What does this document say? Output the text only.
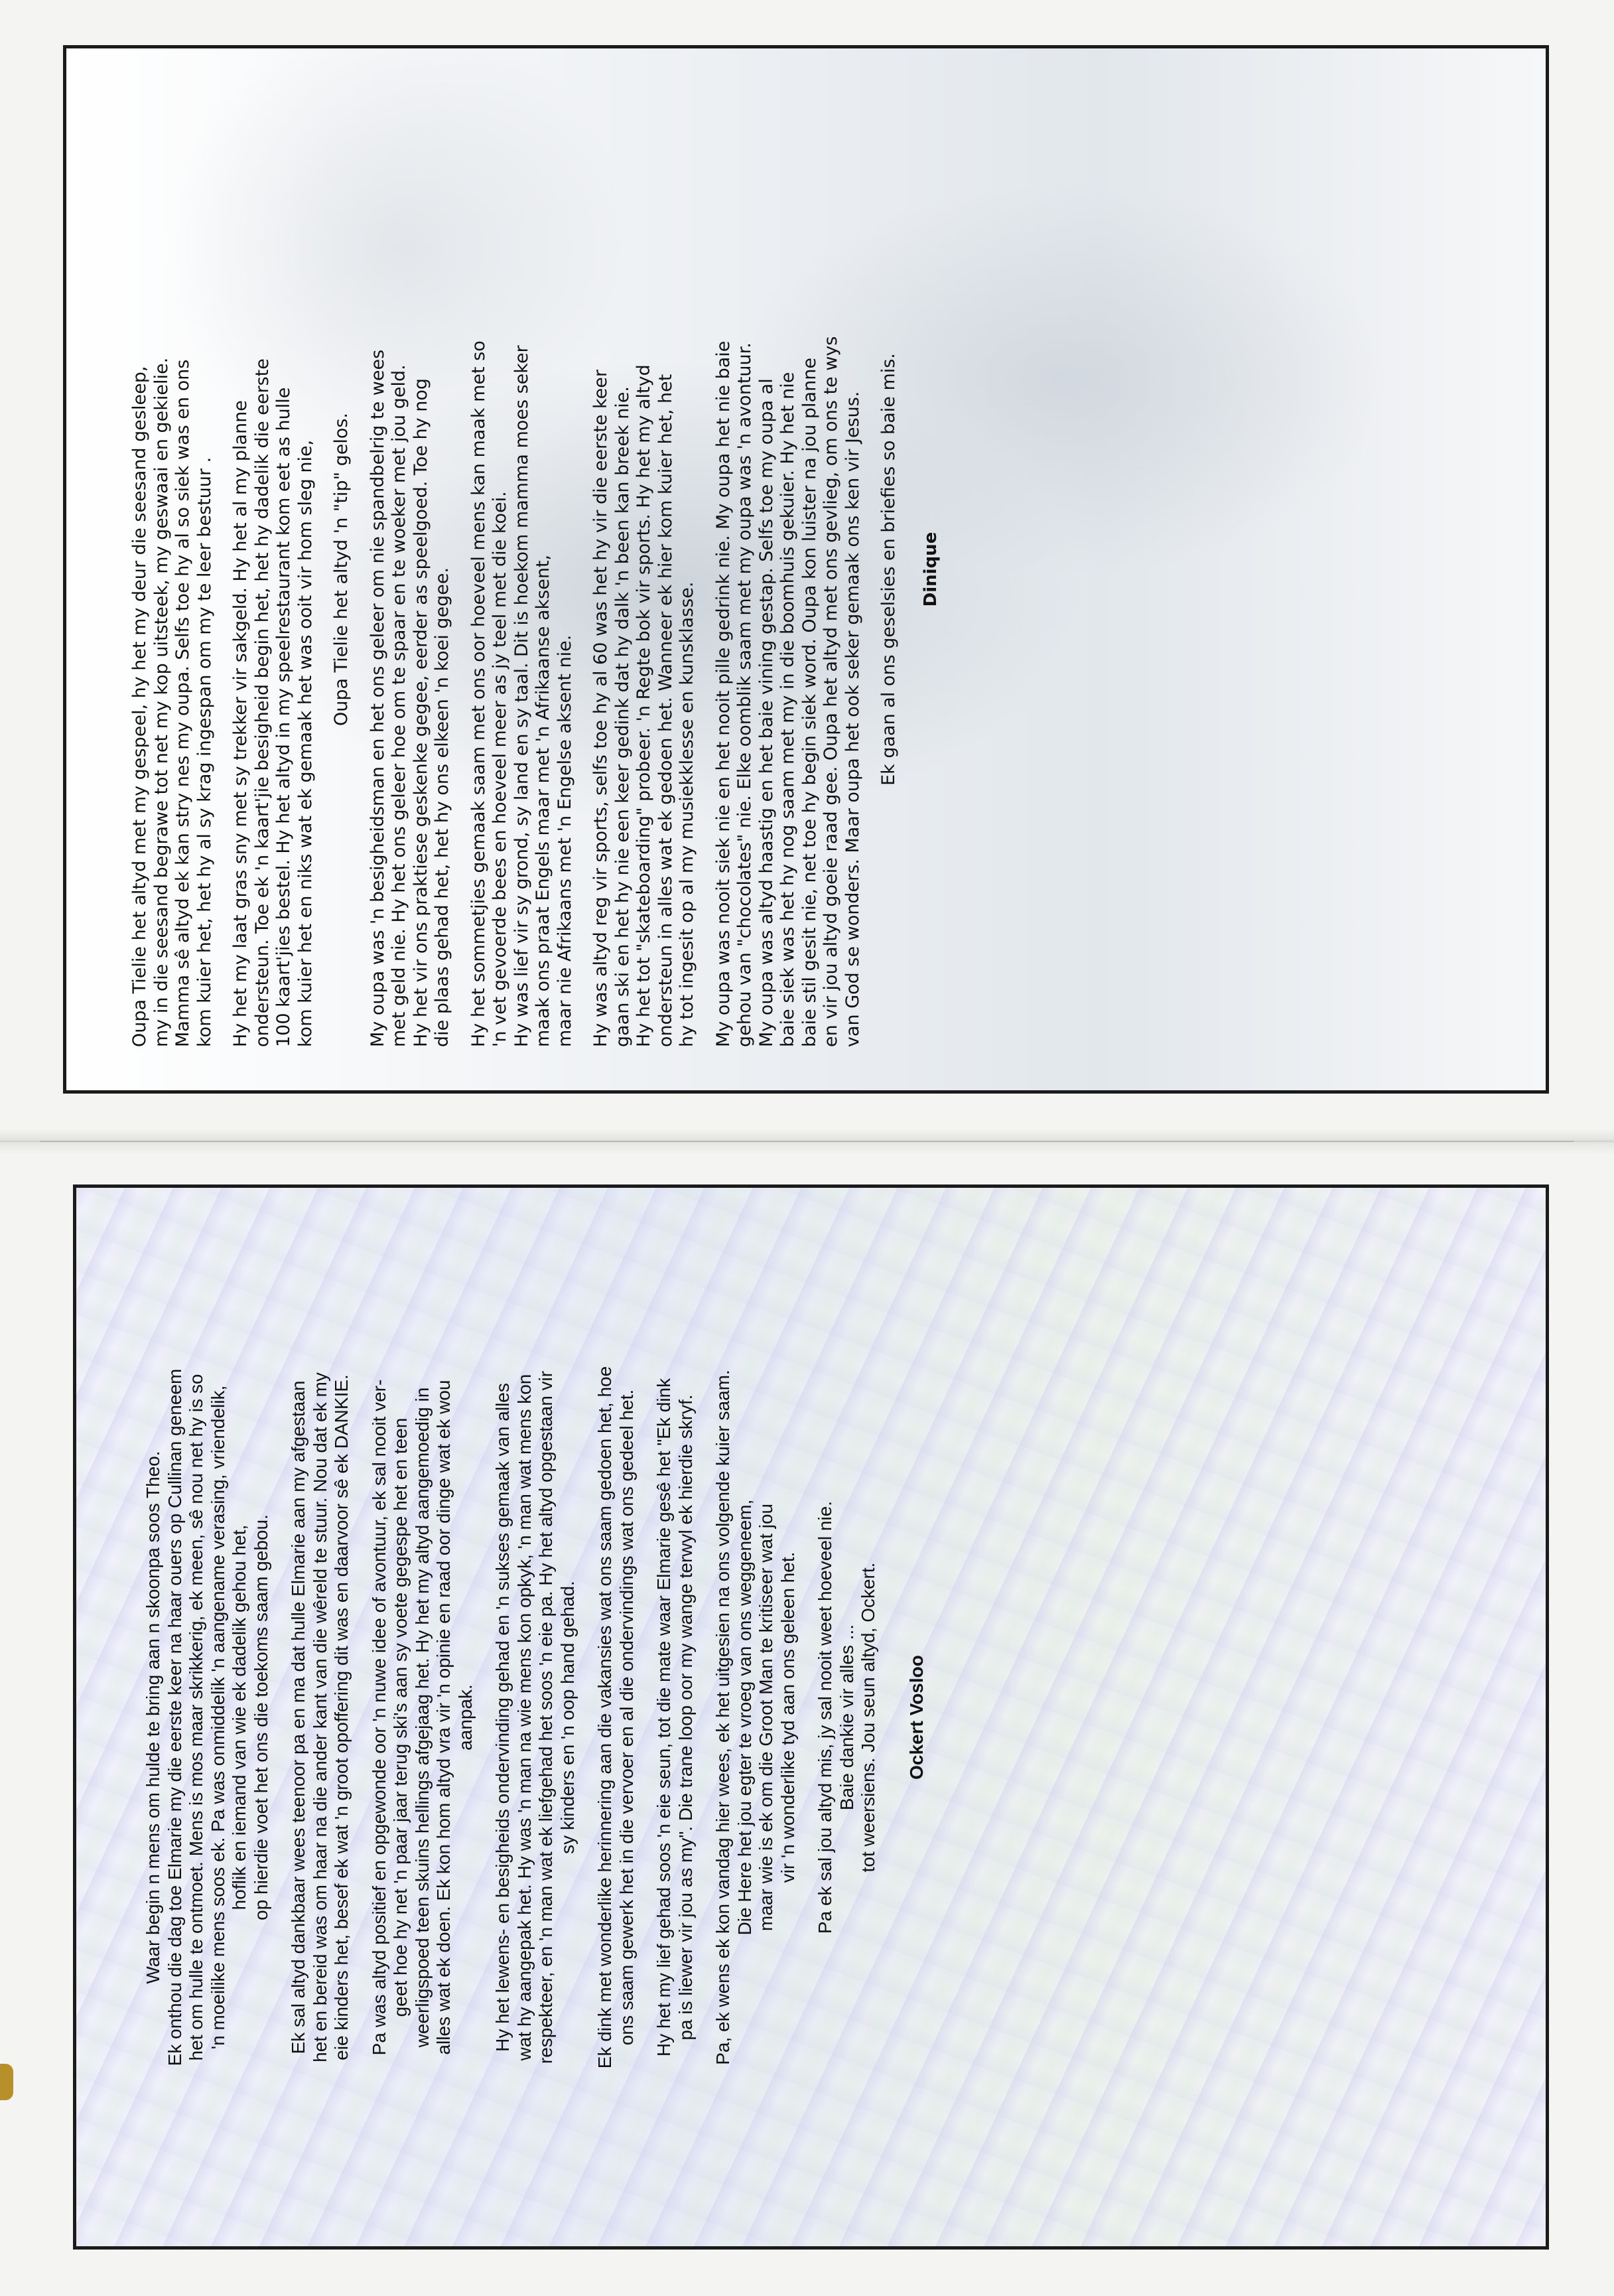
Oupa Tielie het altyd met my gespeel, hy het my deur die seesand gesleep, my in die seesand begrawe tot net my kop uitsteek, my geswaai en gekielie. Mamma sê altyd ek kan stry nes my oupa. Selfs toe hy al so siek was en ons kom kuier het, het hy al sy krag ingespan om my te leer bestuur . Hy het my laat gras sny met sy trekker vir sakgeld. Hy het al my planne ondersteun. Toe ek 'n kaart'jie besigheid begin het, het hy dadelik die eerste 100 kaart'jies bestel. Hy het altyd in my speelrestaurant kom eet as hulle kom kuier het en niks wat ek gemaak het was ooit vir hom sleg nie, Oupa Tielie het altyd 'n "tip" gelos. My oupa was 'n besigheidsman en het ons geleer om nie spandbelrig te wees met geld nie. Hy het ons geleer hoe om te spaar en te woeker met jou geld. Hy het vir ons praktiese geskenke gegee, eerder as speelgoed. Toe hy nog die plaas gehad het, het hy ons elkeen 'n koei gegee. Hy het sommetjies gemaak saam met ons oor hoeveel mens kan maak met so 'n vet gevoerde bees en hoeveel meer as jy teel met die koei. Hy was lief vir sy grond, sy land en sy taal. Dit is hoekom mamma moes seker maak ons praat Engels maar met 'n Afrikaanse aksent, maar nie Afrikaans met 'n Engelse aksent nie. Hy was altyd reg vir sports, selfs toe hy al 60 was het hy vir die eerste keer gaan ski en het hy nie een keer gedink dat hy dalk 'n been kan breek nie. Hy het tot "skateboarding" probeer. 'n Regte bok vir sports. Hy het my altyd ondersteun in alles wat ek gedoen het. Wanneer ek hier kom kuier het, het hy tot ingesit op al my musiekklesse en kunsklasse. My oupa was nooit siek nie en het nooit pille gedrink nie. My oupa het nie baie gehou van "chocolates" nie. Elke oomblik saam met my oupa was 'n avontuur. My oupa was altyd haastig en het baie vining gestap. Selfs toe my oupa al baie siek was het hy nog saam met my in die boomhuis gekuier. Hy het nie baie stil gesit nie, net toe hy begin siek word. Oupa kon luister na jou planne en vir jou altyd goeie raad gee. Oupa het altyd met ons gevlieg, om ons te wys van God se wonders. Maar oupa het ook seker gemaak ons ken vir Jesus. Ek gaan al ons geselsies en briefies so baie mis. Dinique

Waar begin n mens om hulde te bring aan n skoonpa soos Theo. Ek onthou die dag toe Elmarie my die eerste keer na haar ouers op Cullinan geneem het om hulle te ontmoet. Mens is mos maar skrikkerig, ek meen, sê nou net hy is so 'n moeilike mens soos ek. Pa was onmiddelik 'n aangename verasing, vriendelik, hoflik en iemand van wie ek dadelik gehou het, op hierdie voet het ons die toekoms saam gebou. Ek sal altyd dankbaar wees teenoor pa en ma dat hulle Elmarie aan my afgestaan het en bereid was om haar na die ander kant van die wêreld te stuur. Nou dat ek my eie kinders het, besef ek wat 'n groot opoffering dit was en daarvoor sê ek DANKIE. Pa was altyd positief en opgewonde oor 'n nuwe idee of avontuur, ek sal nooit ver- geet hoe hy net 'n paar jaar terug ski's aan sy voete gegespe het en teen weerligspoed teen skuins hellings afgejaag het. Hy het my altyd aangemoedig in alles wat ek doen. Ek kon hom altyd vra vir 'n opinie en raad oor dinge wat ek wou aanpak. Hy het lewens- en besigheids ondervinding gehad en 'n sukses gemaak van alles wat hy aangepak het. Hy was 'n man na wie mens kon opkyk, 'n man wat mens kon respekteer, en 'n man wat ek liefgehad het soos 'n eie pa. Hy het altyd opgestaan vir sy kinders en 'n oop hand gehad. Ek dink met wonderlike herinnering aan die vakansies wat ons saam gedoen het, hoe ons saam gewerk het in die vervoer en al die ondervindings wat ons gedeel het. Hy het my lief gehad soos 'n eie seun, tot die mate waar Elmarie gesê het "Ek dink pa is liewer vir jou as my". Die trane loop oor my wange terwyl ek hierdie skryf. Pa, ek wens ek kon vandag hier wees, ek het uitgesien na ons volgende kuier saam. Die Here het jou egter te vroeg van ons weggeneem, maar wie is ek om die Groot Man te kritiseer wat jou vir 'n wonderlike tyd aan ons geleen het. Pa ek sal jou altyd mis, jy sal nooit weet hoeveel nie. Baie dankie vir alles ... tot weersiens. Jou seun altyd, Ockert. Ockert Vosloo
